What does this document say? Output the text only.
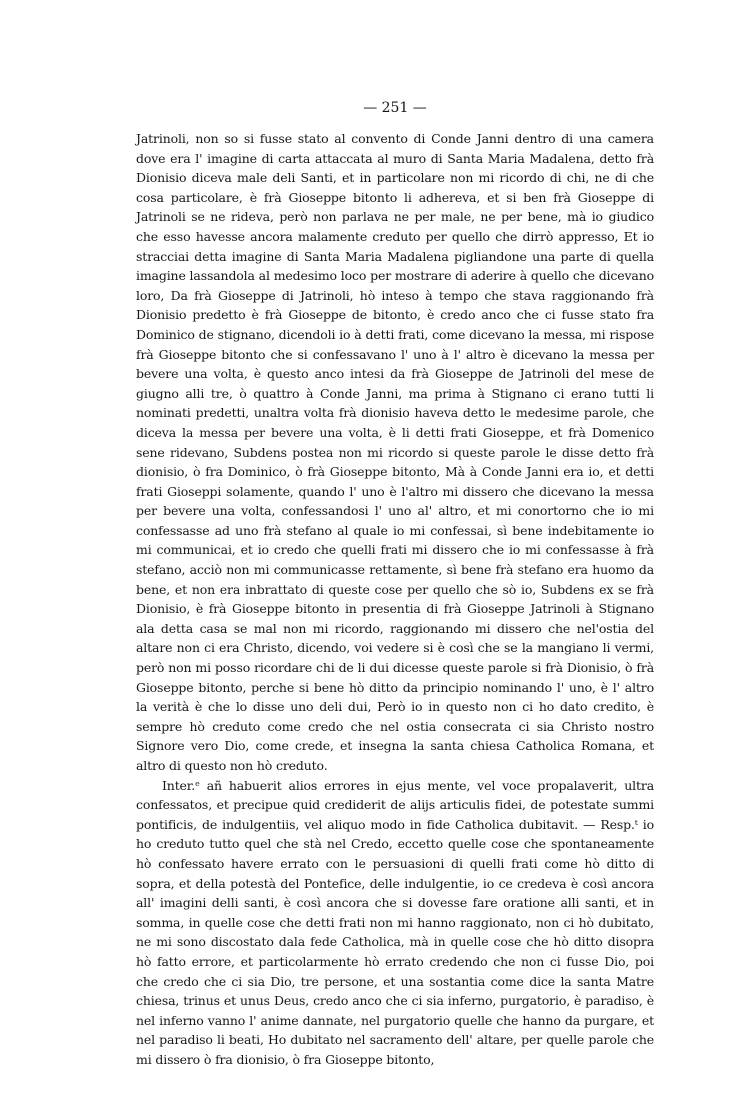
— 251 —

Jatrinoli, non so si fusse stato al convento di Conde Janni dentro di una camera dove era l' imagine di carta attaccata al muro di Santa Maria Madalena, detto frà Dionisio diceva male deli Santi, et in particolare non mi ricordo di chi, ne di che cosa particolare, è frà Gioseppe bitonto li adhereva, et si ben frà Gioseppe di Jatrinoli se ne rideva, però non parlava ne per male, ne per bene, mà io giudico che esso havesse ancora malamente creduto per quello che dirrò appresso, Et io stracciai detta imagine di Santa Maria Madalena pigliandone una parte di quella imagine lassandola al medesimo loco per mostrare di aderire à quello che dicevano loro, Da frà Gioseppe di Jatrinoli, hò inteso à tempo che stava raggionando frà Dionisio predetto è frà Gioseppe de bitonto, è credo anco che ci fusse stato fra Dominico de stignano, dicendoli io à detti frati, come dicevano la messa, mi rispose frà Gioseppe bitonto che si confessavano l' uno à l' altro è dicevano la messa per bevere una volta, è questo anco intesi da frà Gioseppe de Jatrinoli del mese de giugno alli tre, ò quattro à Conde Janni, ma prima à Stignano ci erano tutti li nominati predetti, unaltra volta frà dionisio haveva detto le medesime parole, che diceva la messa per bevere una volta, è li detti frati Gioseppe, et frà Domenico sene ridevano, Subdens postea non mi ricordo si queste parole le disse detto frà dionisio, ò fra Dominico, ò frà Gioseppe bitonto, Mà à Conde Janni era io, et detti frati Gioseppi solamente, quando l' uno è l'altro mi dissero che dicevano la messa per bevere una volta, confessandosi l' uno al' altro, et mi conortorno che io mi confessasse ad uno frà stefano al quale io mi confessai, sì bene indebitamente io mi communicai, et io credo che quelli frati mi dissero che io mi confessasse à frà stefano, acciò non mi communicasse rettamente, sì bene frà stefano era huomo da bene, et non era inbrattato di queste cose per quello che sò io, Subdens ex se frà Dionisio, è frà Gioseppe bitonto in presentia di frà Gioseppe Jatrinoli à Stignano ala detta casa se mal non mi ricordo, raggionando mi dissero che nel'ostia del altare non ci era Christo, dicendo, voi vedere si è così che se la mangiano li vermi, però non mi posso ricordare chi de li dui dicesse queste parole si frà Dionisio, ò frà Gioseppe bitonto, perche si bene hò ditto da principio nominando l' uno, è l' altro la verità è che lo disse uno deli dui, Però io in questo non ci ho dato credito, è sempre hò creduto come credo che nel ostia consecrata ci sia Christo nostro Signore vero Dio, come crede, et insegna la santa chiesa Catholica Romana, et altro di questo non hò creduto.

Inter.ᵉ añ habuerit alios errores in ejus mente, vel voce propalaverit, ultra confessatos, et precipue quid crediderit de alijs articulis fidei, de potestate summi pontificis, de indulgentiis, vel aliquo modo in fide Catholica dubitavit. — Resp.ᵗ io ho creduto tutto quel che stà nel Credo, eccetto quelle cose che spontaneamente hò confessato havere errato con le persuasioni di quelli frati come hò ditto di sopra, et della potestà del Pontefice, delle indulgentie, io ce credeva è così ancora all' imagini delli santi, è così ancora che si dovesse fare oratione alli santi, et in somma, in quelle cose che detti frati non mi hanno raggionato, non ci hò dubitato, ne mi sono discostato dala fede Catholica, mà in quelle cose che hò ditto disopra hò fatto errore, et particolarmente hò errato credendo che non ci fusse Dio, poi che credo che ci sia Dio, tre persone, et una sostantia come dice la santa Matre chiesa, trinus et unus Deus, credo anco che ci sia inferno, purgatorio, è paradiso, è nel inferno vanno l' anime dannate, nel purgatorio quelle che hanno da purgare, et nel paradiso li beati, Ho dubitato nel sacramento dell' altare, per quelle parole che mi dissero ò fra dionisio, ò fra Gioseppe bitonto,
